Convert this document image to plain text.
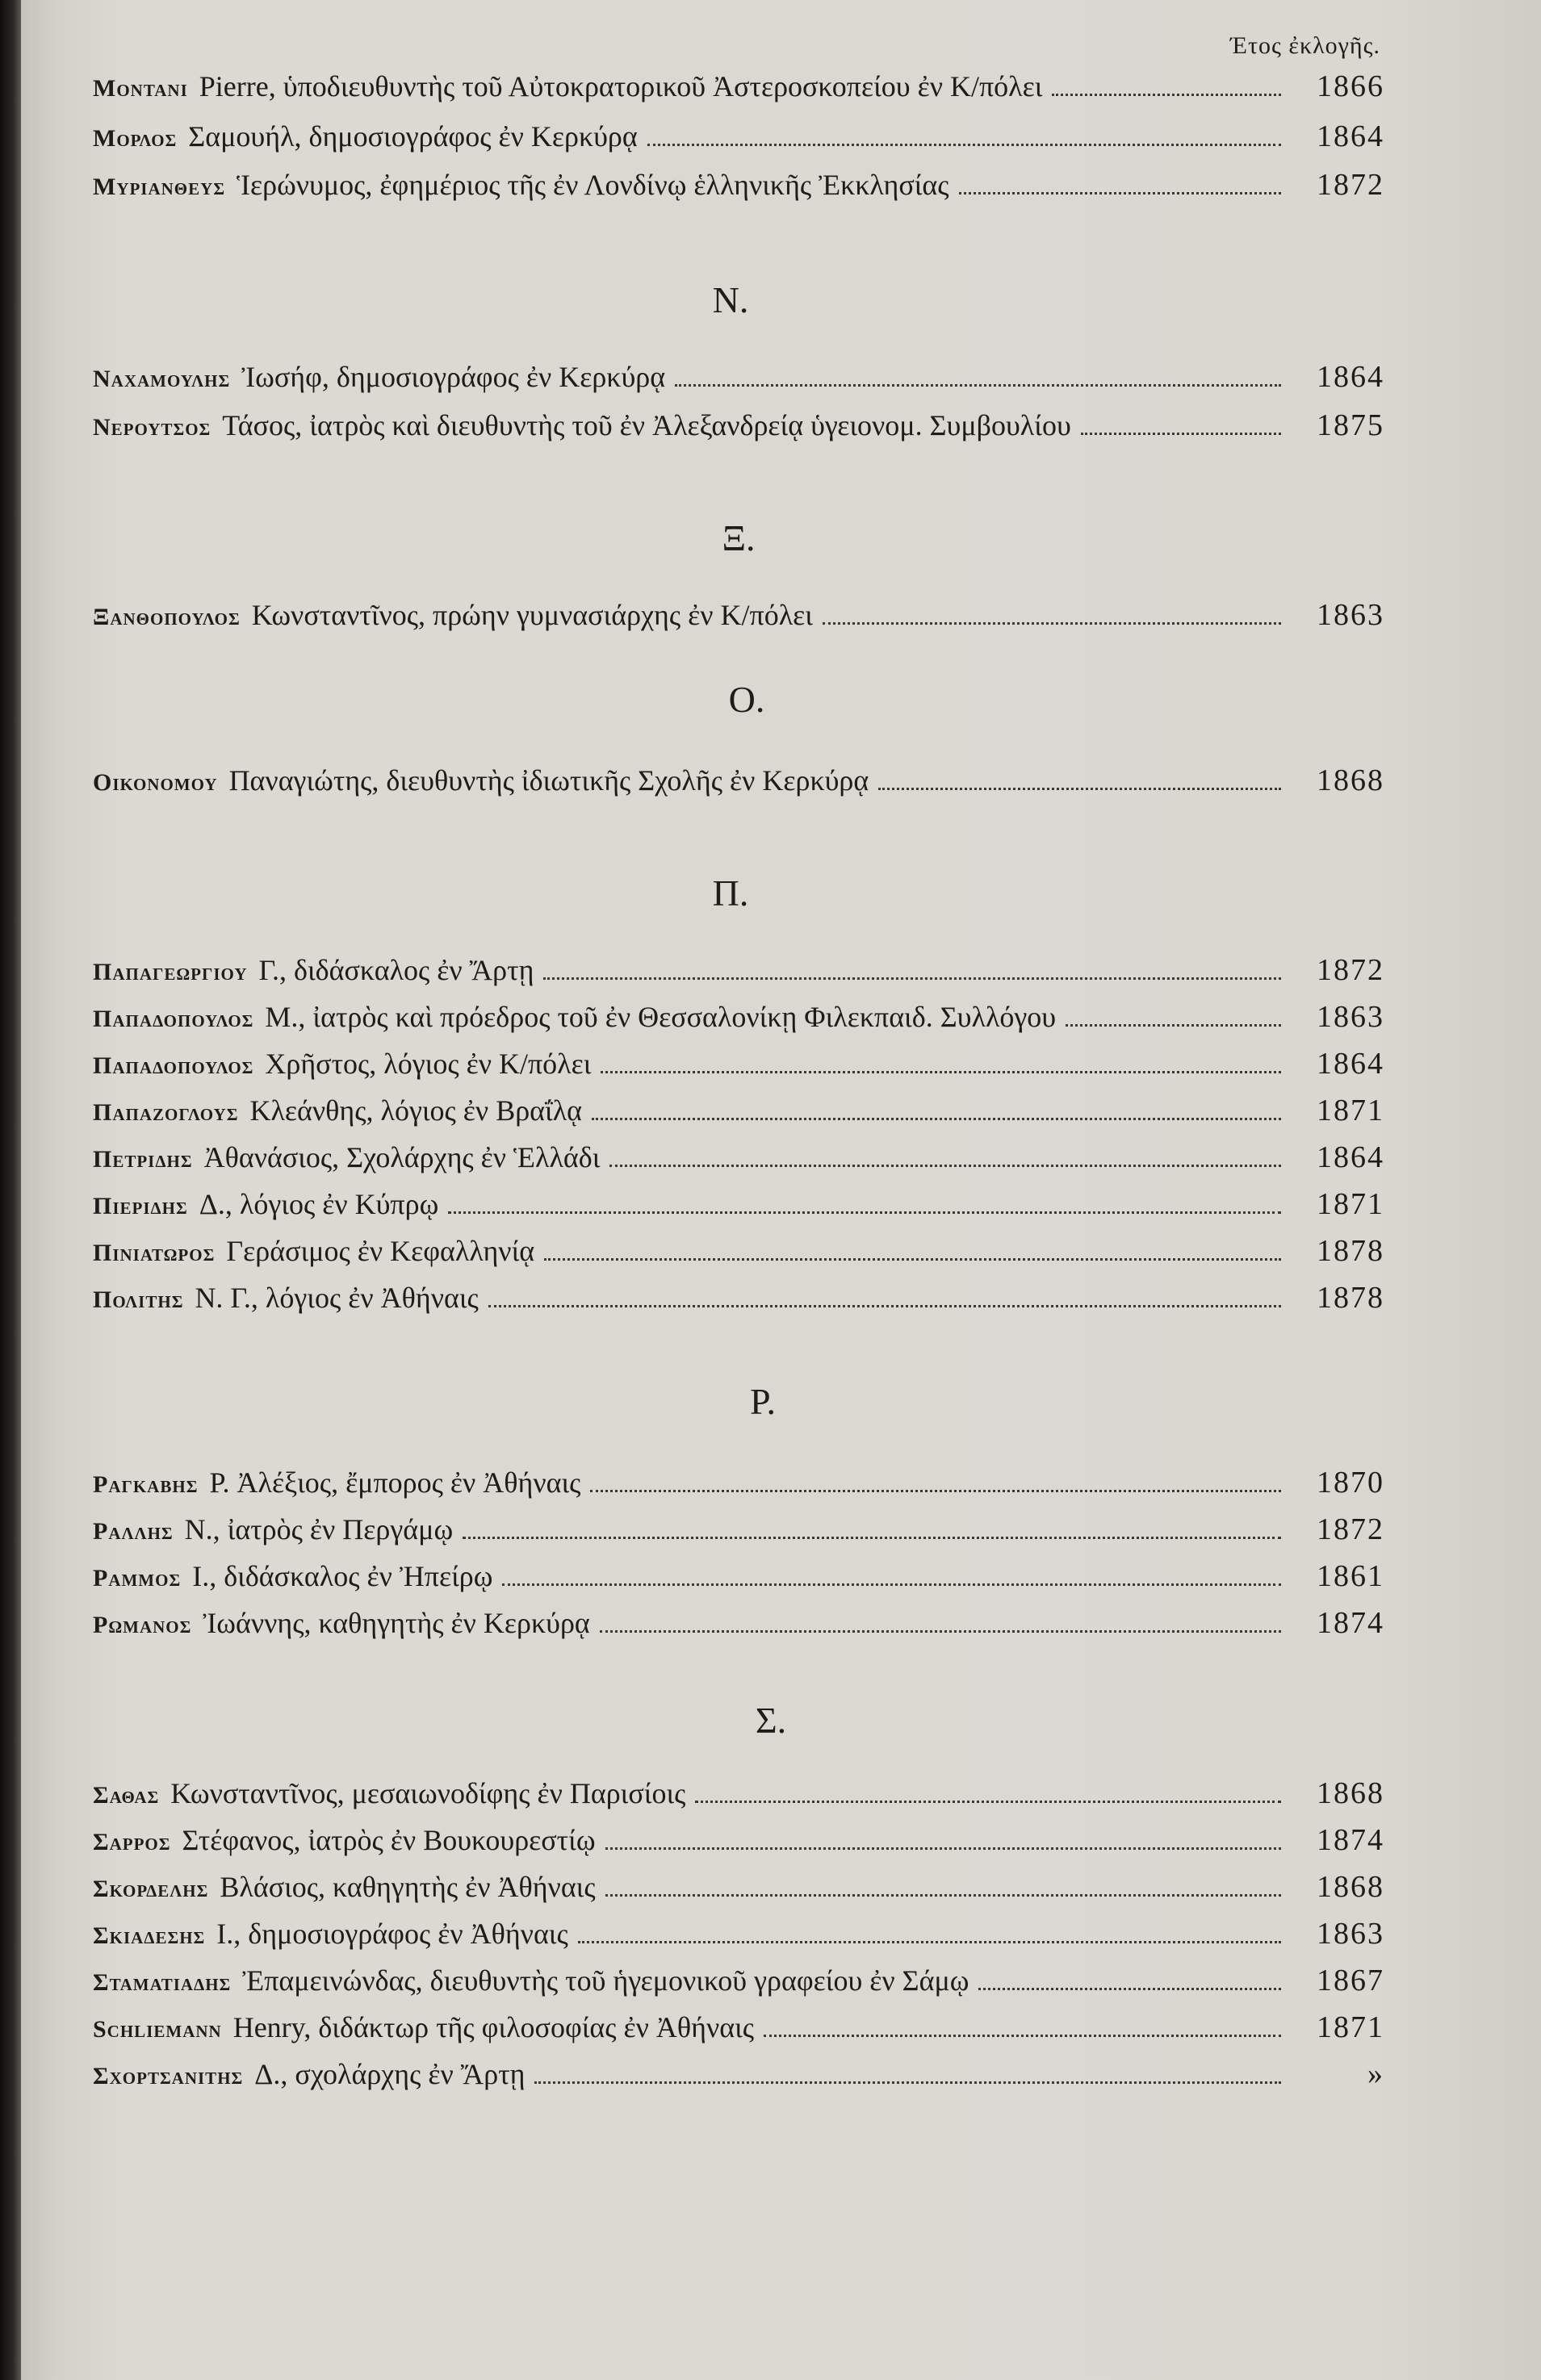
Έτος ἐκλογῆς.
Montani Pierre, ὑποδιευθυντὴς τοῦ Αὐτοκρατορικοῦ Ἀστεροσκοπείου ἐν Κ/πόλει	1866
Μορλος Σαμουήλ, δημοσιογράφος ἐν Κερκύρᾳ	1864
Μυριανθευς Ἱερώνυμος, ἐφημέριος τῆς ἐν Λονδίνῳ ἑλληνικῆς Ἐκκλησίας	1872
Ν.
Ναχαμουλης Ἰωσήφ, δημοσιογράφος ἐν Κερκύρᾳ	1864
Νερουτσος Τάσος, ἰατρὸς καὶ διευθυντὴς τοῦ ἐν Ἀλεξανδρείᾳ ὑγειονομ. Συμβουλίου	1875
Ξ.
Ξανθοπουλος Κωνσταντῖνος, πρώην γυμνασιάρχης ἐν Κ/πόλει	1863
Ο.
Οικονομου Παναγιώτης, διευθυντὴς ἰδιωτικῆς Σχολῆς ἐν Κερκύρᾳ	1868
Π.
Παπαγεωργιου Γ., διδάσκαλος ἐν Ἄρτῃ	1872
Παπαδοπουλος Μ., ἰατρὸς καὶ πρόεδρος τοῦ ἐν Θεσσαλονίκῃ Φιλεκπαιδ. Συλλόγου	1863
Παπαδοπουλος Χρῆστος, λόγιος ἐν Κ/πόλει	1864
Παπαζογλους Κλεάνθης, λόγιος ἐν Βραΐλᾳ	1871
Πετριδης Ἀθανάσιος, Σχολάρχης ἐν Ἑλλάδι	1864
Πιεριδης Δ., λόγιος ἐν Κύπρῳ	1871
Πινιατωρος Γεράσιμος ἐν Κεφαλληνίᾳ	1878
Πολιτης Ν. Γ., λόγιος ἐν Ἀθήναις	1878
Ρ.
Ραγκαβης Ρ. Ἀλέξιος, ἔμπορος ἐν Ἀθήναις	1870
Ραλλης Ν., ἰατρὸς ἐν Περγάμῳ	1872
Ραμμος Ι., διδάσκαλος ἐν Ἠπείρῳ	1861
Ρωμανος Ἰωάννης, καθηγητὴς ἐν Κερκύρᾳ	1874
Σ.
Σαθας Κωνσταντῖνος, μεσαιωνοδίφης ἐν Παρισίοις	1868
Σαρρος Στέφανος, ἰατρὸς ἐν Βουκουρεστίῳ	1874
Σκορδελης Βλάσιος, καθηγητὴς ἐν Ἀθήναις	1868
Σκιαδεσης Ι., δημοσιογράφος ἐν Ἀθήναις	1863
Σταματιαδης Ἐπαμεινώνδας, διευθυντὴς τοῦ ἡγεμονικοῦ γραφείου ἐν Σάμῳ	1867
Schliemann Henry, διδάκτωρ τῆς φιλοσοφίας ἐν Ἀθήναις	1871
Σχορτσανιτης Δ., σχολάρχης ἐν Ἄρτῃ	»
